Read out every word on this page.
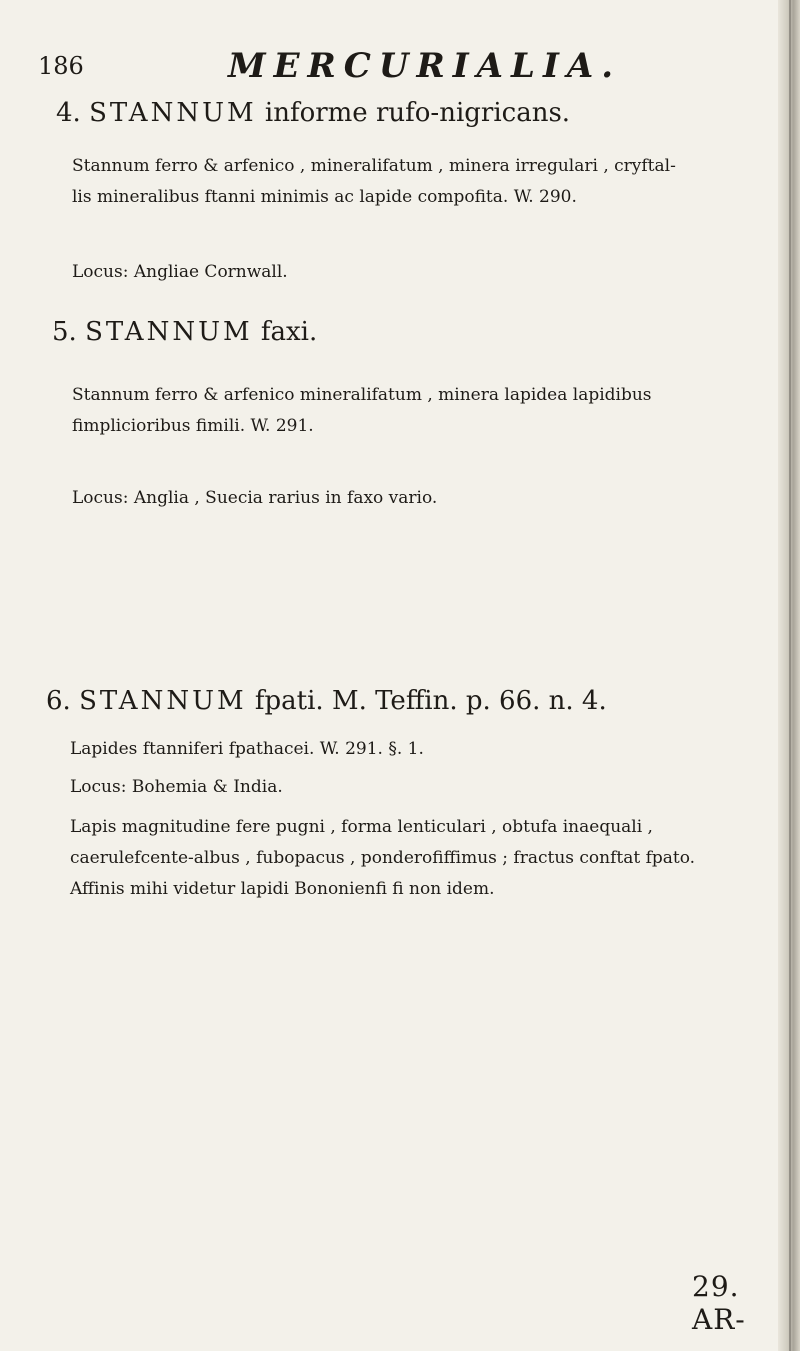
186	MERCURIALIA.
4. STANNUM informe rufo-nigricans.
Stannum ferro & arfenico , mineralifatum , minera irregulari , cryftal-
lis mineralibus ftanni minimis ac lapide compofita. W. 290.
Locus: Angliae Cornwall.
5. STANNUM faxi.
Stannum ferro & arfenico mineralifatum , minera lapidea lapidibus
fimplicioribus fimili. W. 291.
Locus: Anglia , Suecia rarius in faxo vario.
6. STANNUM fpati. M. Teffin. p. 66. n. 4.
Lapides ftanniferi fpathacei. W. 291. §. 1.
Locus: Bohemia & India.
Lapis magnitudine fere pugni , forma lenticulari , obtufa inaequali ,
caerulefcente-albus , fubopacus , ponderofiffimus ; fractus conftat fpato.
Affinis mihi videtur lapidi Bononienfi fi non idem.
29. AR-
